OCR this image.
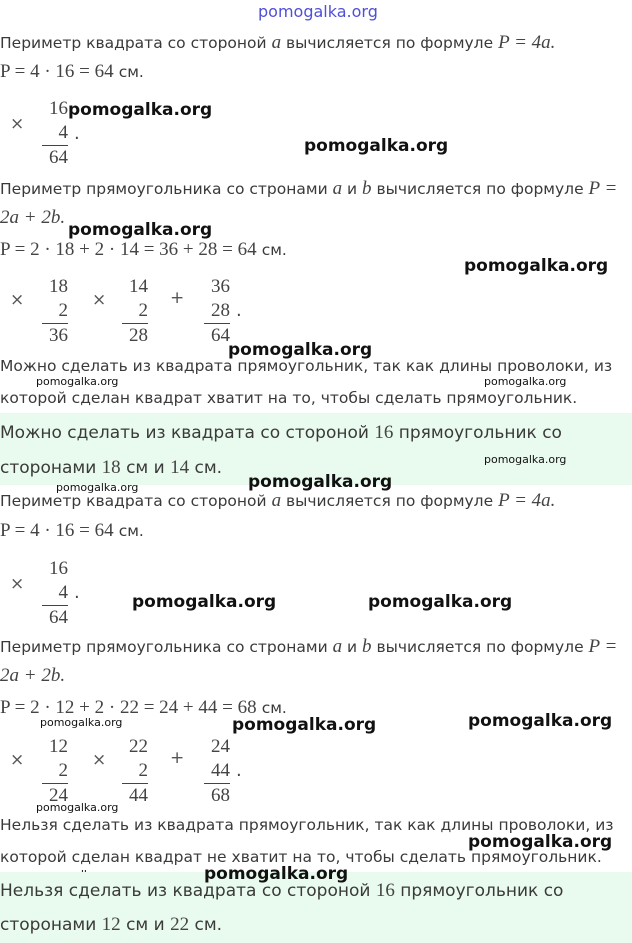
pomogalka.org
Периметр квадрата со стороной a вычисляется по формуле P = 4a.
P = 4 · 16 = 64 см.
×
16
4
64
.
pomogalka.org
pomogalka.org
Периметр прямоугольника со стронами a и b вычисляется по формуле P =
2a + 2b.
pomogalka.org
P = 2 · 18 + 2 · 14 = 36 + 28 = 64 см.
pomogalka.org
×
18
2
36
×
14
2
28
+
36
28
64
.
pomogalka.org
Можно сделать из квадрата прямоугольник, так как длины проволоки, из
pomogalka.org	pomogalka.org
которой сделан квадрат хватит на то, чтобы сделать прямоугольник.
Можно сделать из квадрата со стороной 16 прямоугольник со
сторонами 18 см и 14 см.	pomogalka.org
pomogalka.org	pomogalka.org
Периметр квадрата со стороной a вычисляется по формуле P = 4a.
P = 4 · 16 = 64 см.
×
16
4
64
.	pomogalka.org	pomogalka.org
Периметр прямоугольника со стронами a и b вычисляется по формуле P =
2a + 2b.
P = 2 · 12 + 2 · 22 = 24 + 44 = 68 см.
pomogalka.org	pomogalka.org	pomogalka.org
×
12
2
24
×
22
2
44
+
24
44
68
.
pomogalka.org
Нельзя сделать из квадрата прямоугольник, так как длины проволоки, из
pomogalka.org
которой сделан квадрат не хватит на то, чтобы сделать прямоугольник.
pomogalka.org
Нельзя сделать из квадрата со стороной 16 прямоугольник со
сторонами 12 см и 22 см.
